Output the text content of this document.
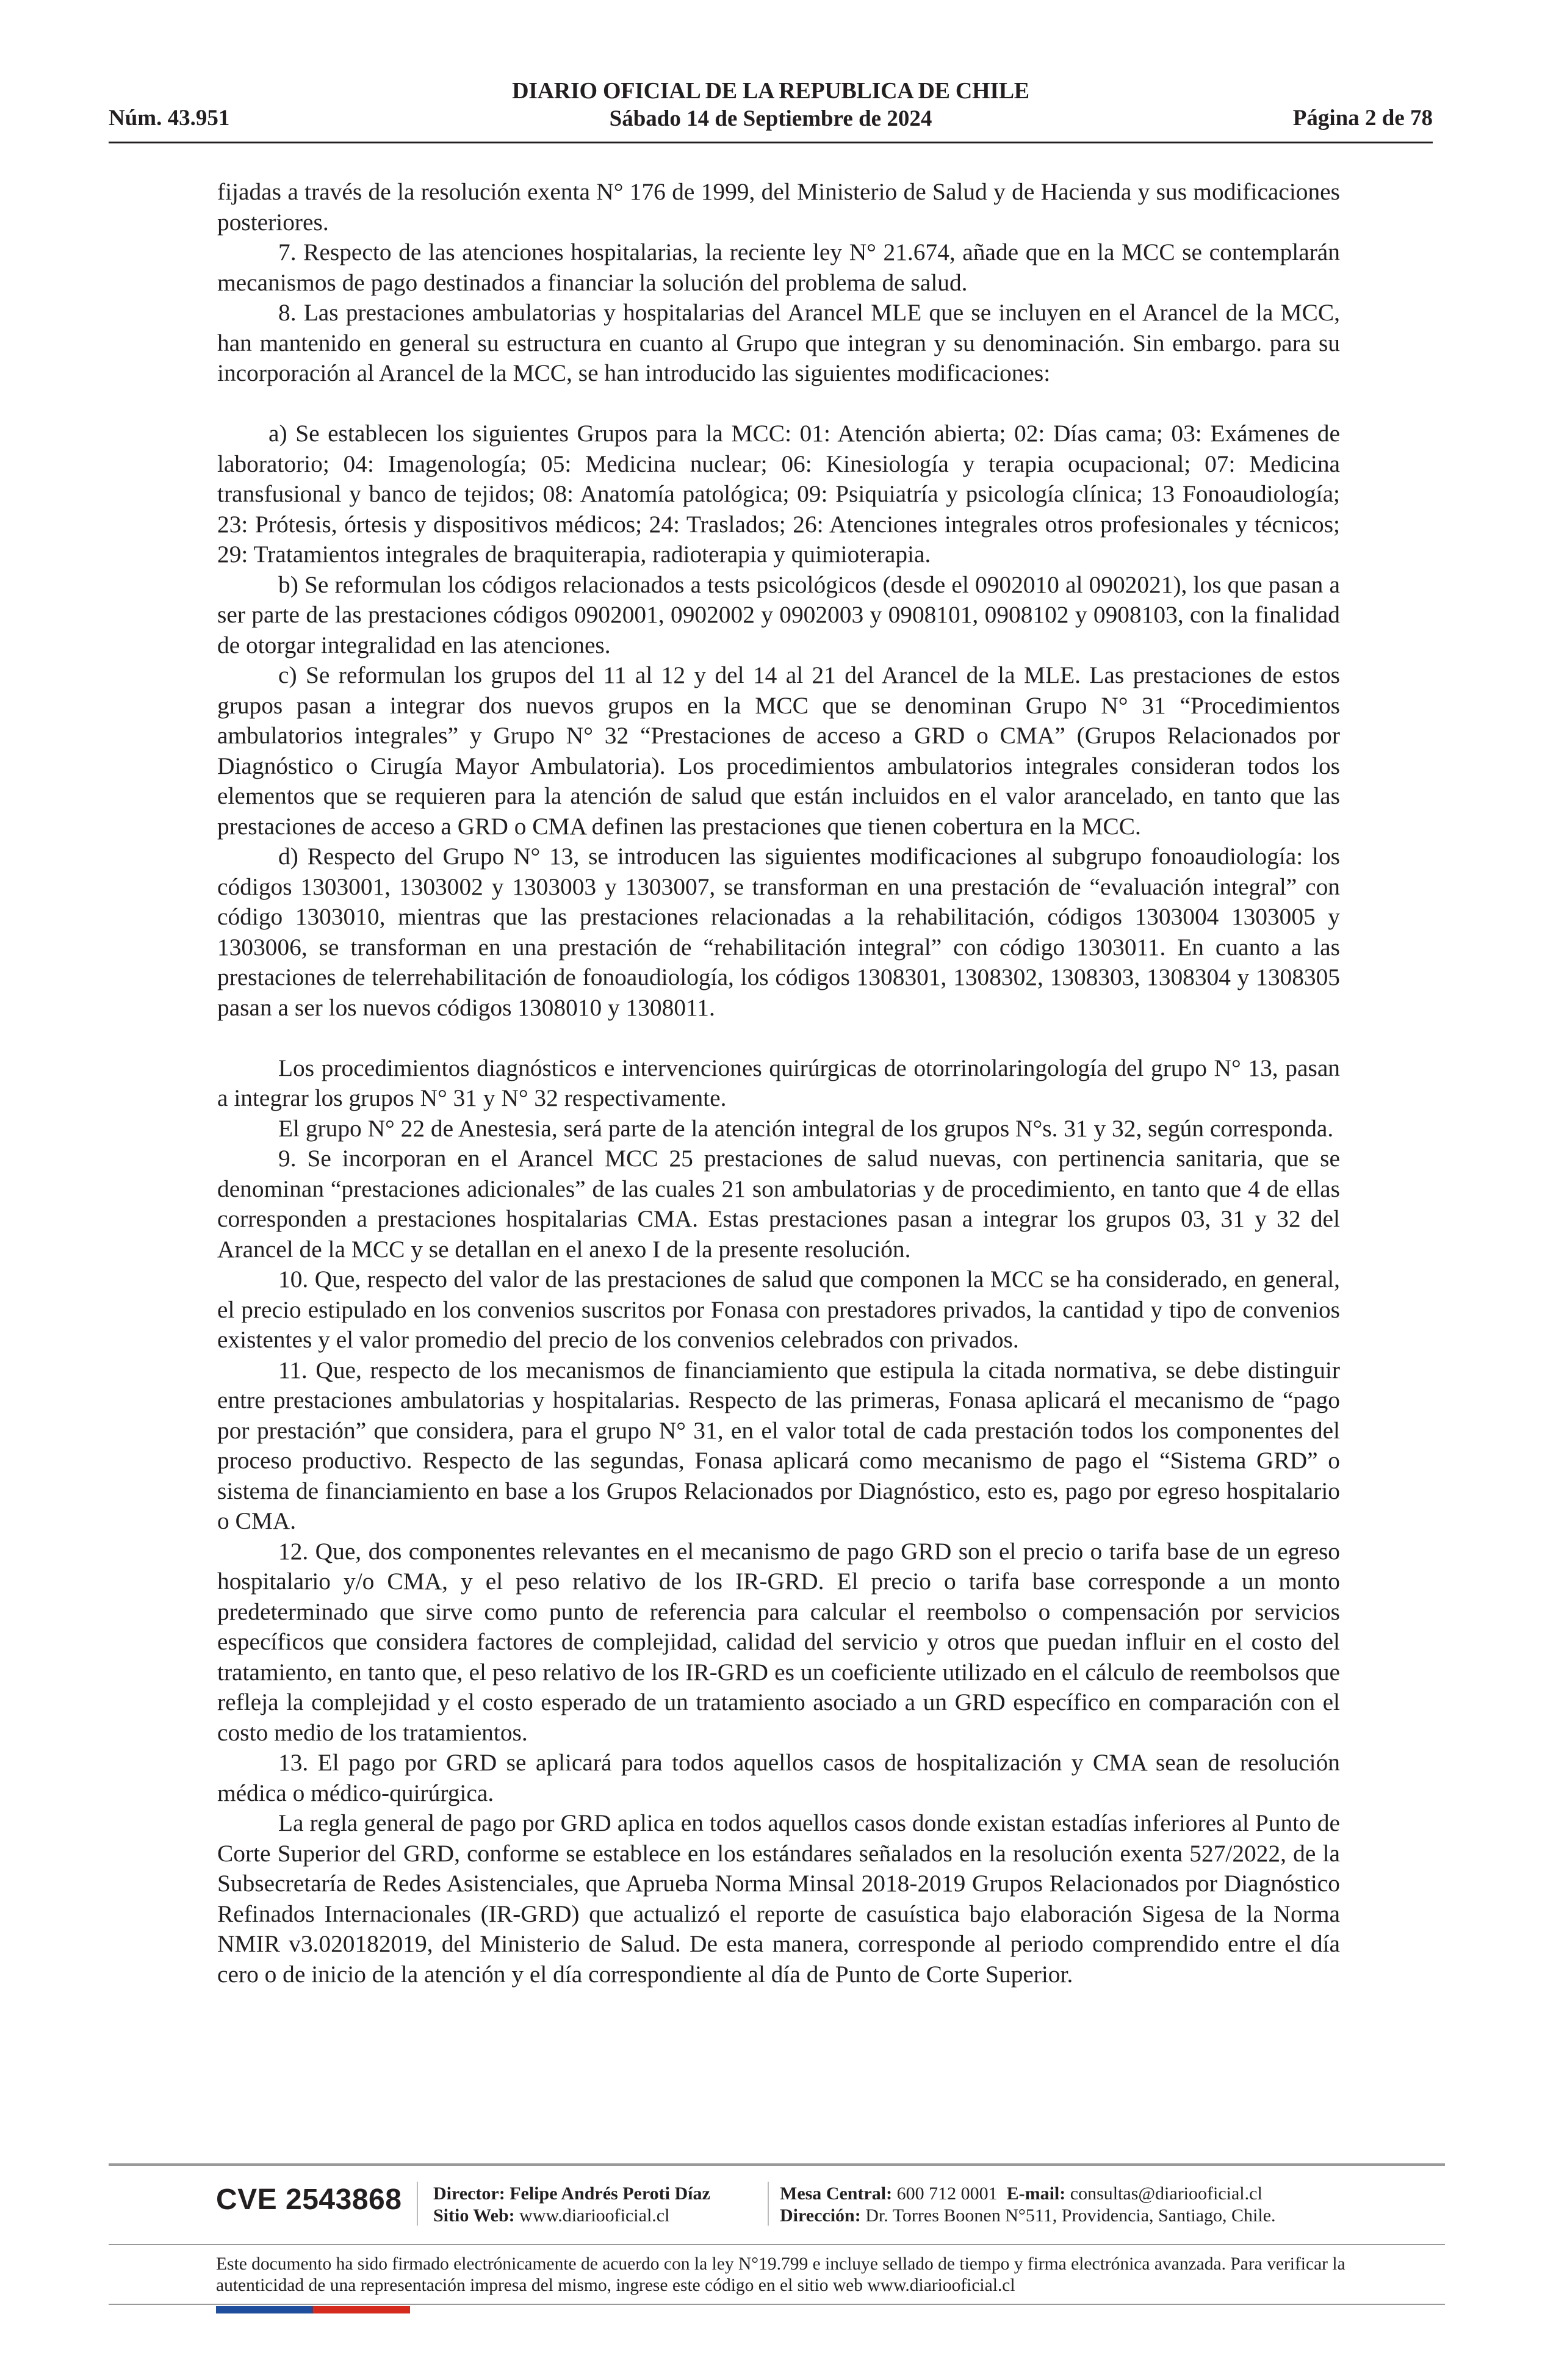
Núm. 43.951
DIARIO OFICIAL DE LA REPUBLICA DE CHILE
Sábado 14 de Septiembre de 2024	Página 2 de 78

fijadas a través de la resolución exenta N° 176 de 1999, del Ministerio de Salud y de Hacienda y sus modificaciones posteriores.

7. Respecto de las atenciones hospitalarias, la reciente ley N° 21.674, añade que en la MCC se contemplarán mecanismos de pago destinados a financiar la solución del problema de salud.

8. Las prestaciones ambulatorias y hospitalarias del Arancel MLE que se incluyen en el Arancel de la MCC, han mantenido en general su estructura en cuanto al Grupo que integran y su denominación. Sin embargo. para su incorporación al Arancel de la MCC, se han introducido las siguientes modificaciones:

a) Se establecen los siguientes Grupos para la MCC: 01: Atención abierta; 02: Días cama; 03: Exámenes de laboratorio; 04: Imagenología; 05: Medicina nuclear; 06: Kinesiología y terapia ocupacional; 07: Medicina transfusional y banco de tejidos; 08: Anatomía patológica; 09: Psiquiatría y psicología clínica; 13 Fonoaudiología; 23: Prótesis, órtesis y dispositivos médicos; 24: Traslados; 26: Atenciones integrales otros profesionales y técnicos; 29: Tratamientos integrales de braquiterapia, radioterapia y quimioterapia.

b) Se reformulan los códigos relacionados a tests psicológicos (desde el 0902010 al 0902021), los que pasan a ser parte de las prestaciones códigos 0902001, 0902002 y 0902003 y 0908101, 0908102 y 0908103, con la finalidad de otorgar integralidad en las atenciones.

c) Se reformulan los grupos del 11 al 12 y del 14 al 21 del Arancel de la MLE. Las prestaciones de estos grupos pasan a integrar dos nuevos grupos en la MCC que se denominan Grupo N° 31 “Procedimientos ambulatorios integrales” y Grupo N° 32 “Prestaciones de acceso a GRD o CMA” (Grupos Relacionados por Diagnóstico o Cirugía Mayor Ambulatoria). Los procedimientos ambulatorios integrales consideran todos los elementos que se requieren para la atención de salud que están incluidos en el valor arancelado, en tanto que las prestaciones de acceso a GRD o CMA definen las prestaciones que tienen cobertura en la MCC.

d) Respecto del Grupo N° 13, se introducen las siguientes modificaciones al subgrupo fonoaudiología: los códigos 1303001, 1303002 y 1303003 y 1303007, se transforman en una prestación de “evaluación integral” con código 1303010, mientras que las prestaciones relacionadas a la rehabilitación, códigos 1303004 1303005 y 1303006, se transforman en una prestación de “rehabilitación integral” con código 1303011. En cuanto a las prestaciones de telerrehabilitación de fonoaudiología, los códigos 1308301, 1308302, 1308303, 1308304 y 1308305 pasan a ser los nuevos códigos 1308010 y 1308011.

Los procedimientos diagnósticos e intervenciones quirúrgicas de otorrinolaringología del grupo N° 13, pasan a integrar los grupos N° 31 y N° 32 respectivamente.

El grupo N° 22 de Anestesia, será parte de la atención integral de los grupos N°s. 31 y 32, según corresponda.

9. Se incorporan en el Arancel MCC 25 prestaciones de salud nuevas, con pertinencia sanitaria, que se denominan “prestaciones adicionales” de las cuales 21 son ambulatorias y de procedimiento, en tanto que 4 de ellas corresponden a prestaciones hospitalarias CMA. Estas prestaciones pasan a integrar los grupos 03, 31 y 32 del Arancel de la MCC y se detallan en el anexo I de la presente resolución.

10. Que, respecto del valor de las prestaciones de salud que componen la MCC se ha considerado, en general, el precio estipulado en los convenios suscritos por Fonasa con prestadores privados, la cantidad y tipo de convenios existentes y el valor promedio del precio de los convenios celebrados con privados.

11. Que, respecto de los mecanismos de financiamiento que estipula la citada normativa, se debe distinguir entre prestaciones ambulatorias y hospitalarias. Respecto de las primeras, Fonasa aplicará el mecanismo de “pago por prestación” que considera, para el grupo N° 31, en el valor total de cada prestación todos los componentes del proceso productivo. Respecto de las segundas, Fonasa aplicará como mecanismo de pago el “Sistema GRD” o sistema de financiamiento en base a los Grupos Relacionados por Diagnóstico, esto es, pago por egreso hospitalario o CMA.

12. Que, dos componentes relevantes en el mecanismo de pago GRD son el precio o tarifa base de un egreso hospitalario y/o CMA, y el peso relativo de los IR-GRD. El precio o tarifa base corresponde a un monto predeterminado que sirve como punto de referencia para calcular el reembolso o compensación por servicios específicos que considera factores de complejidad, calidad del servicio y otros que puedan influir en el costo del tratamiento, en tanto que, el peso relativo de los IR-GRD es un coeficiente utilizado en el cálculo de reembolsos que refleja la complejidad y el costo esperado de un tratamiento asociado a un GRD específico en comparación con el costo medio de los tratamientos.

13. El pago por GRD se aplicará para todos aquellos casos de hospitalización y CMA sean de resolución médica o médico-quirúrgica.

La regla general de pago por GRD aplica en todos aquellos casos donde existan estadías inferiores al Punto de Corte Superior del GRD, conforme se establece en los estándares señalados en la resolución exenta 527/2022, de la Subsecretaría de Redes Asistenciales, que Aprueba Norma Minsal 2018-2019 Grupos Relacionados por Diagnóstico Refinados Internacionales (IR-GRD) que actualizó el reporte de casuística bajo elaboración Sigesa de la Norma NMIR v3.020182019, del Ministerio de Salud. De esta manera, corresponde al periodo comprendido entre el día cero o de inicio de la atención y el día correspondiente al día de Punto de Corte Superior.

CVE 2543868 Director: Felipe Andrés Peroti Díaz
Sitio Web: www.diariooficial.cl
Mesa Central: 600 712 0001 E-mail: consultas@diariooficial.cl
Dirección: Dr. Torres Boonen N°511, Providencia, Santiago, Chile.
Este documento ha sido firmado electrónicamente de acuerdo con la ley N°19.799 e incluye sellado de tiempo y firma electrónica avanzada. Para verificar la autenticidad de una representación impresa del mismo, ingrese este código en el sitio web www.diariooficial.cl
